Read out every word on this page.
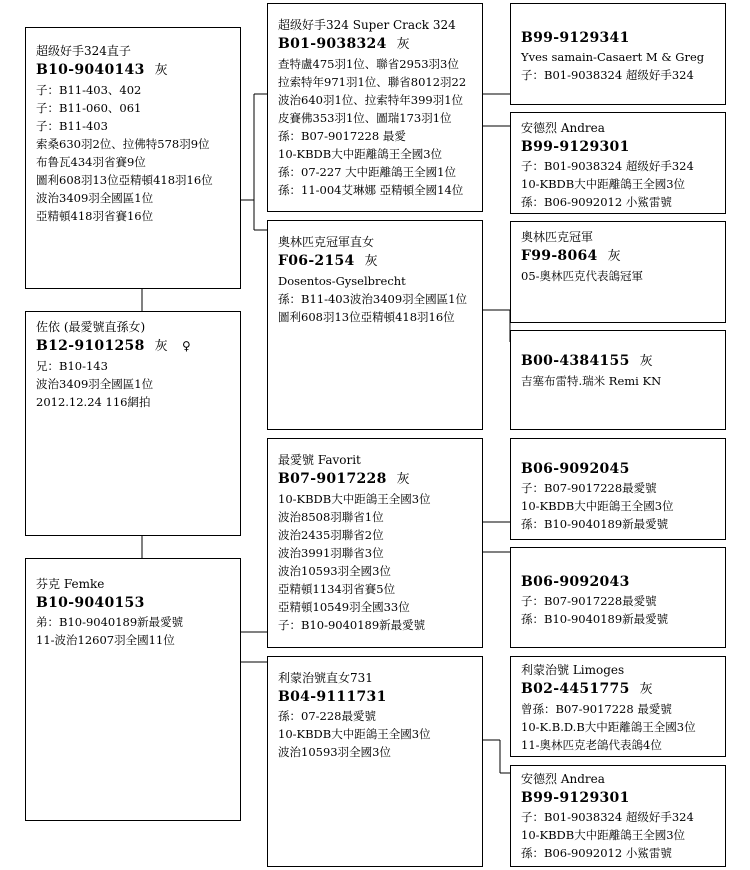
超级好手324直子
B10-9040143 灰
子：B11-403、402
子：B11-060、061
子：B11-403
索桑630羽2位、拉佛特578羽9位
布鲁瓦434羽省賽9位
圖利608羽13位亞精頓418羽16位
波治3409羽全國區1位
亞精頓418羽省賽16位
佐依 (最愛號直孫女)
B12-9101258 灰 ♀
兄：B10-143
波治3409羽全國區1位
2012.12.24 116網拍
芬克 Femke
B10-9040153
弟：B10-9040189新最愛號
11-波治12607羽全國11位
超级好手324 Super Crack 324
B01-9038324 灰
查特盧475羽1位、聯省2953羽3位
拉索特年971羽1位、聯省8012羽22
波治640羽1位、拉索特年399羽1位
皮賽佛353羽1位、圖瑞173羽1位
孫：B07-9017228 最愛
10-KBDB大中距離鴿王全國3位
孫：07-227 大中距離鴿王全國1位
孫：11-004艾琳娜 亞精頓全國14位
奧林匹克冠軍直女
F06-2154 灰
Dosentos-Gyselbrecht
孫：B11-403波治3409羽全國區1位
圖利608羽13位亞精頓418羽16位
最愛號 Favorit
B07-9017228 灰
10-KBDB大中距鴿王全國3位
波治8508羽聯省1位
波治2435羽聯省2位
波治3991羽聯省3位
波治10593羽全國3位
亞精頓1134羽省賽5位
亞精頓10549羽全國33位
子：B10-9040189新最愛號
利蒙治號直女731
B04-9111731
孫：07-228最愛號
10-KBDB大中距鴿王全國3位
波治10593羽全國3位
B99-9129341
Yves samain-Casaert M & Greg
子：B01-9038324 超级好手324
安德烈 Andrea
B99-9129301
子：B01-9038324 超级好手324
10-KBDB大中距離鴿王全國3位
孫：B06-9092012 小鯊雷號
奧林匹克冠軍
F99-8064 灰
05-奧林匹克代表鴿冠軍
B00-4384155 灰
吉塞布雷特.瑞米 Remi KN
B06-9092045
子：B07-9017228最愛號
10-KBDB大中距鴿王全國3位
孫：B10-9040189新最愛號
B06-9092043
子：B07-9017228最愛號
孫：B10-9040189新最愛號
利蒙治號 Limoges
B02-4451775 灰
曾孫：B07-9017228 最愛號
10-K.B.D.B大中距離鴿王全國3位
11-奧林匹克老鴿代表鴿4位
安德烈 Andrea
B99-9129301
子：B01-9038324 超级好手324
10-KBDB大中距離鴿王全國3位
孫：B06-9092012 小鯊雷號
